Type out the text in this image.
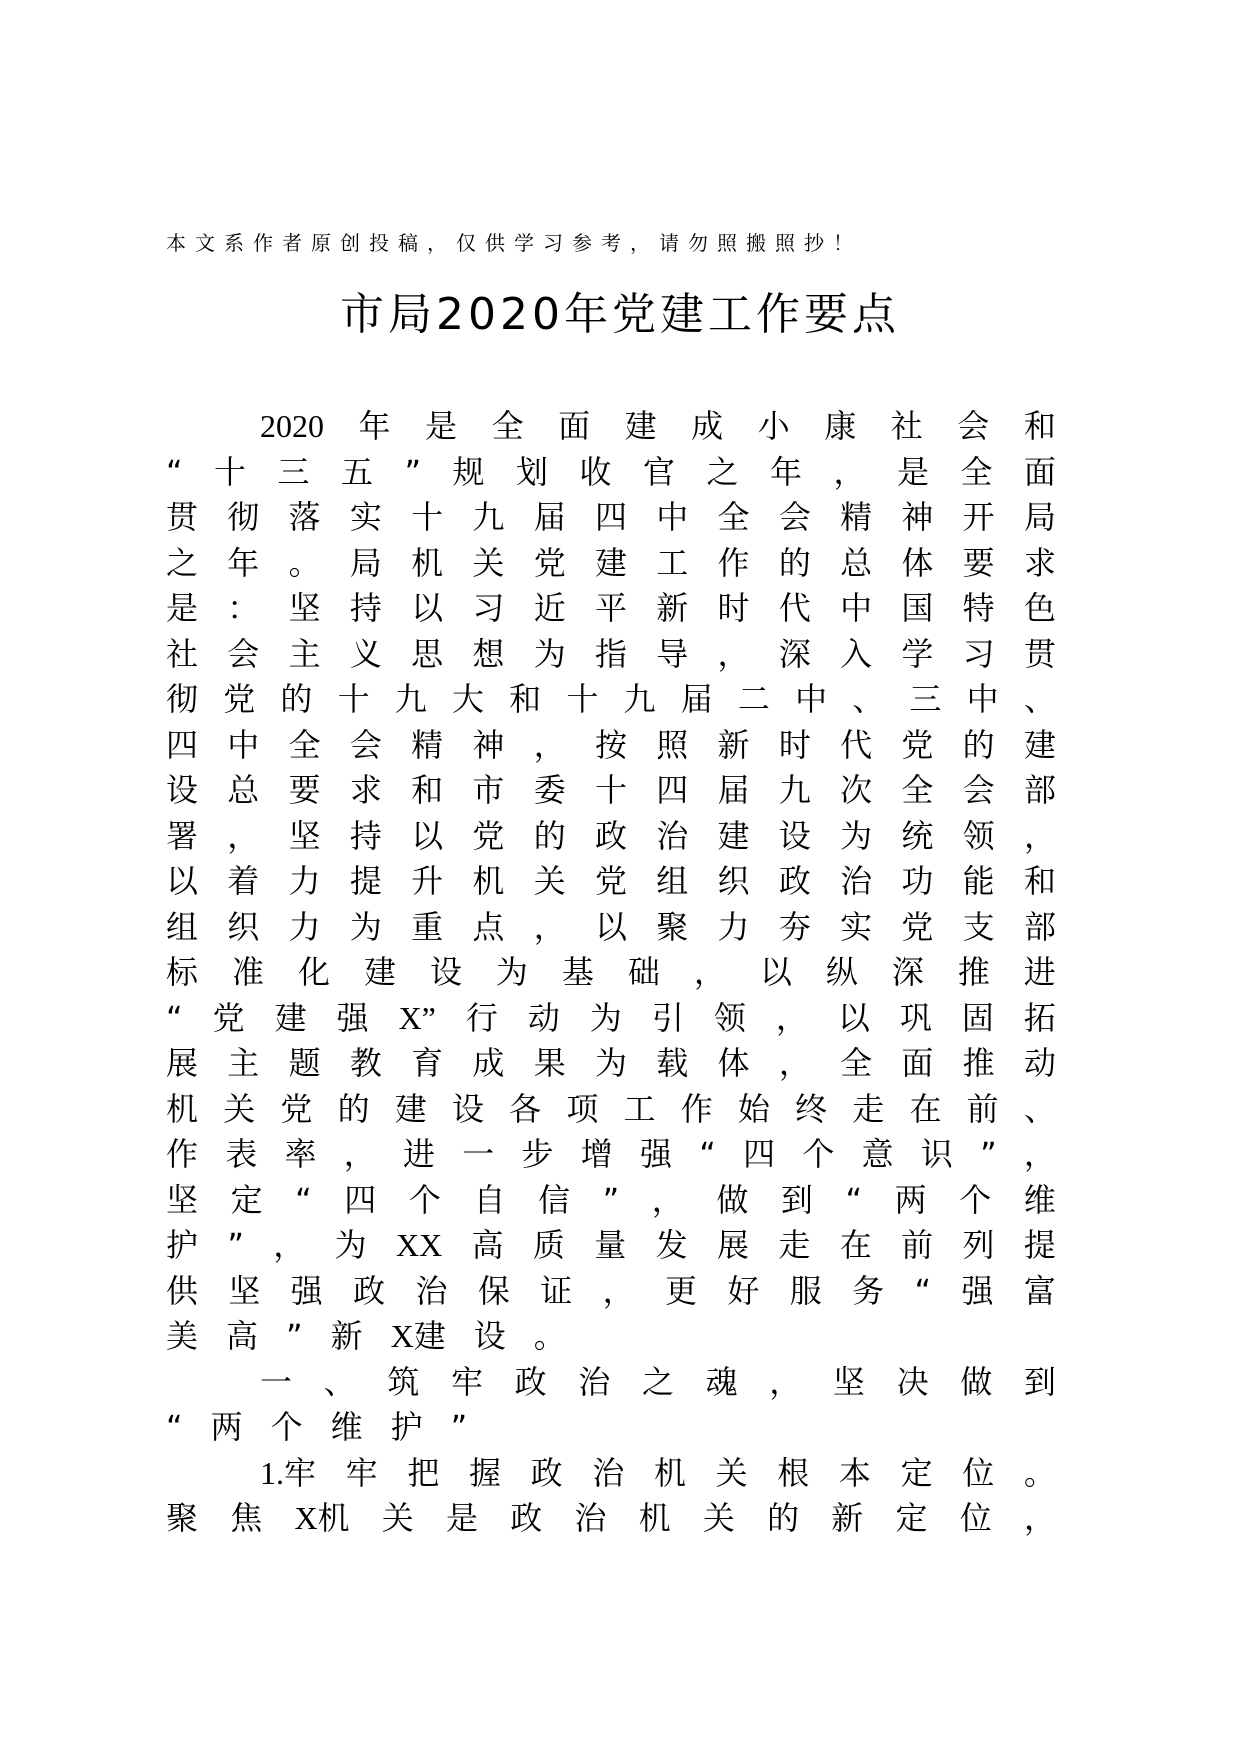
本文系作者原创投稿，仅供学习参考，请勿照搬照抄！
市局2020年党建工作要点
2020 年 是 全 面 建 成 小 康 社 会 和
“ 十 三 五 ” 规 划 收 官 之 年 ， 是 全 面
贯 彻 落 实 十 九 届 四 中 全 会 精 神 开 局
之 年 。 局 机 关 党 建 工 作 的 总 体 要 求
是 ： 坚 持 以 习 近 平 新 时 代 中 国 特 色
社 会 主 义 思 想 为 指 导 ， 深 入 学 习 贯
彻 党 的 十 九 大 和 十 九 届 二 中 、 三 中 、
四 中 全 会 精 神 ， 按 照 新 时 代 党 的 建
设 总 要 求 和 市 委 十 四 届 九 次 全 会 部
署 ， 坚 持 以 党 的 政 治 建 设 为 统 领 ，
以 着 力 提 升 机 关 党 组 织 政 治 功 能 和
组 织 力 为 重 点 ， 以 聚 力 夯 实 党 支 部
标 准 化 建 设 为 基 础 ， 以 纵 深 推 进
“ 党 建 强 X” 行 动 为 引 领 ， 以 巩 固 拓
展 主 题 教 育 成 果 为 载 体 ， 全 面 推 动
机 关 党 的 建 设 各 项 工 作 始 终 走 在 前 、
作 表 率 ， 进 一 步 增 强 “ 四 个 意 识 ” ，
坚 定 “ 四 个 自 信 ” ， 做 到 “ 两 个 维
护 ” ， 为 XX 高 质 量 发 展 走 在 前 列 提
供 坚 强 政 治 保 证 ， 更 好 服 务 “ 强 富
美 高 ” 新 X建 设 。
一 、 筑 牢 政 治 之 魂 ， 坚 决 做 到
“ 两 个 维 护 ”
1.牢 牢 把 握 政 治 机 关 根 本 定 位 。
聚 焦 X机 关 是 政 治 机 关 的 新 定 位 ，
